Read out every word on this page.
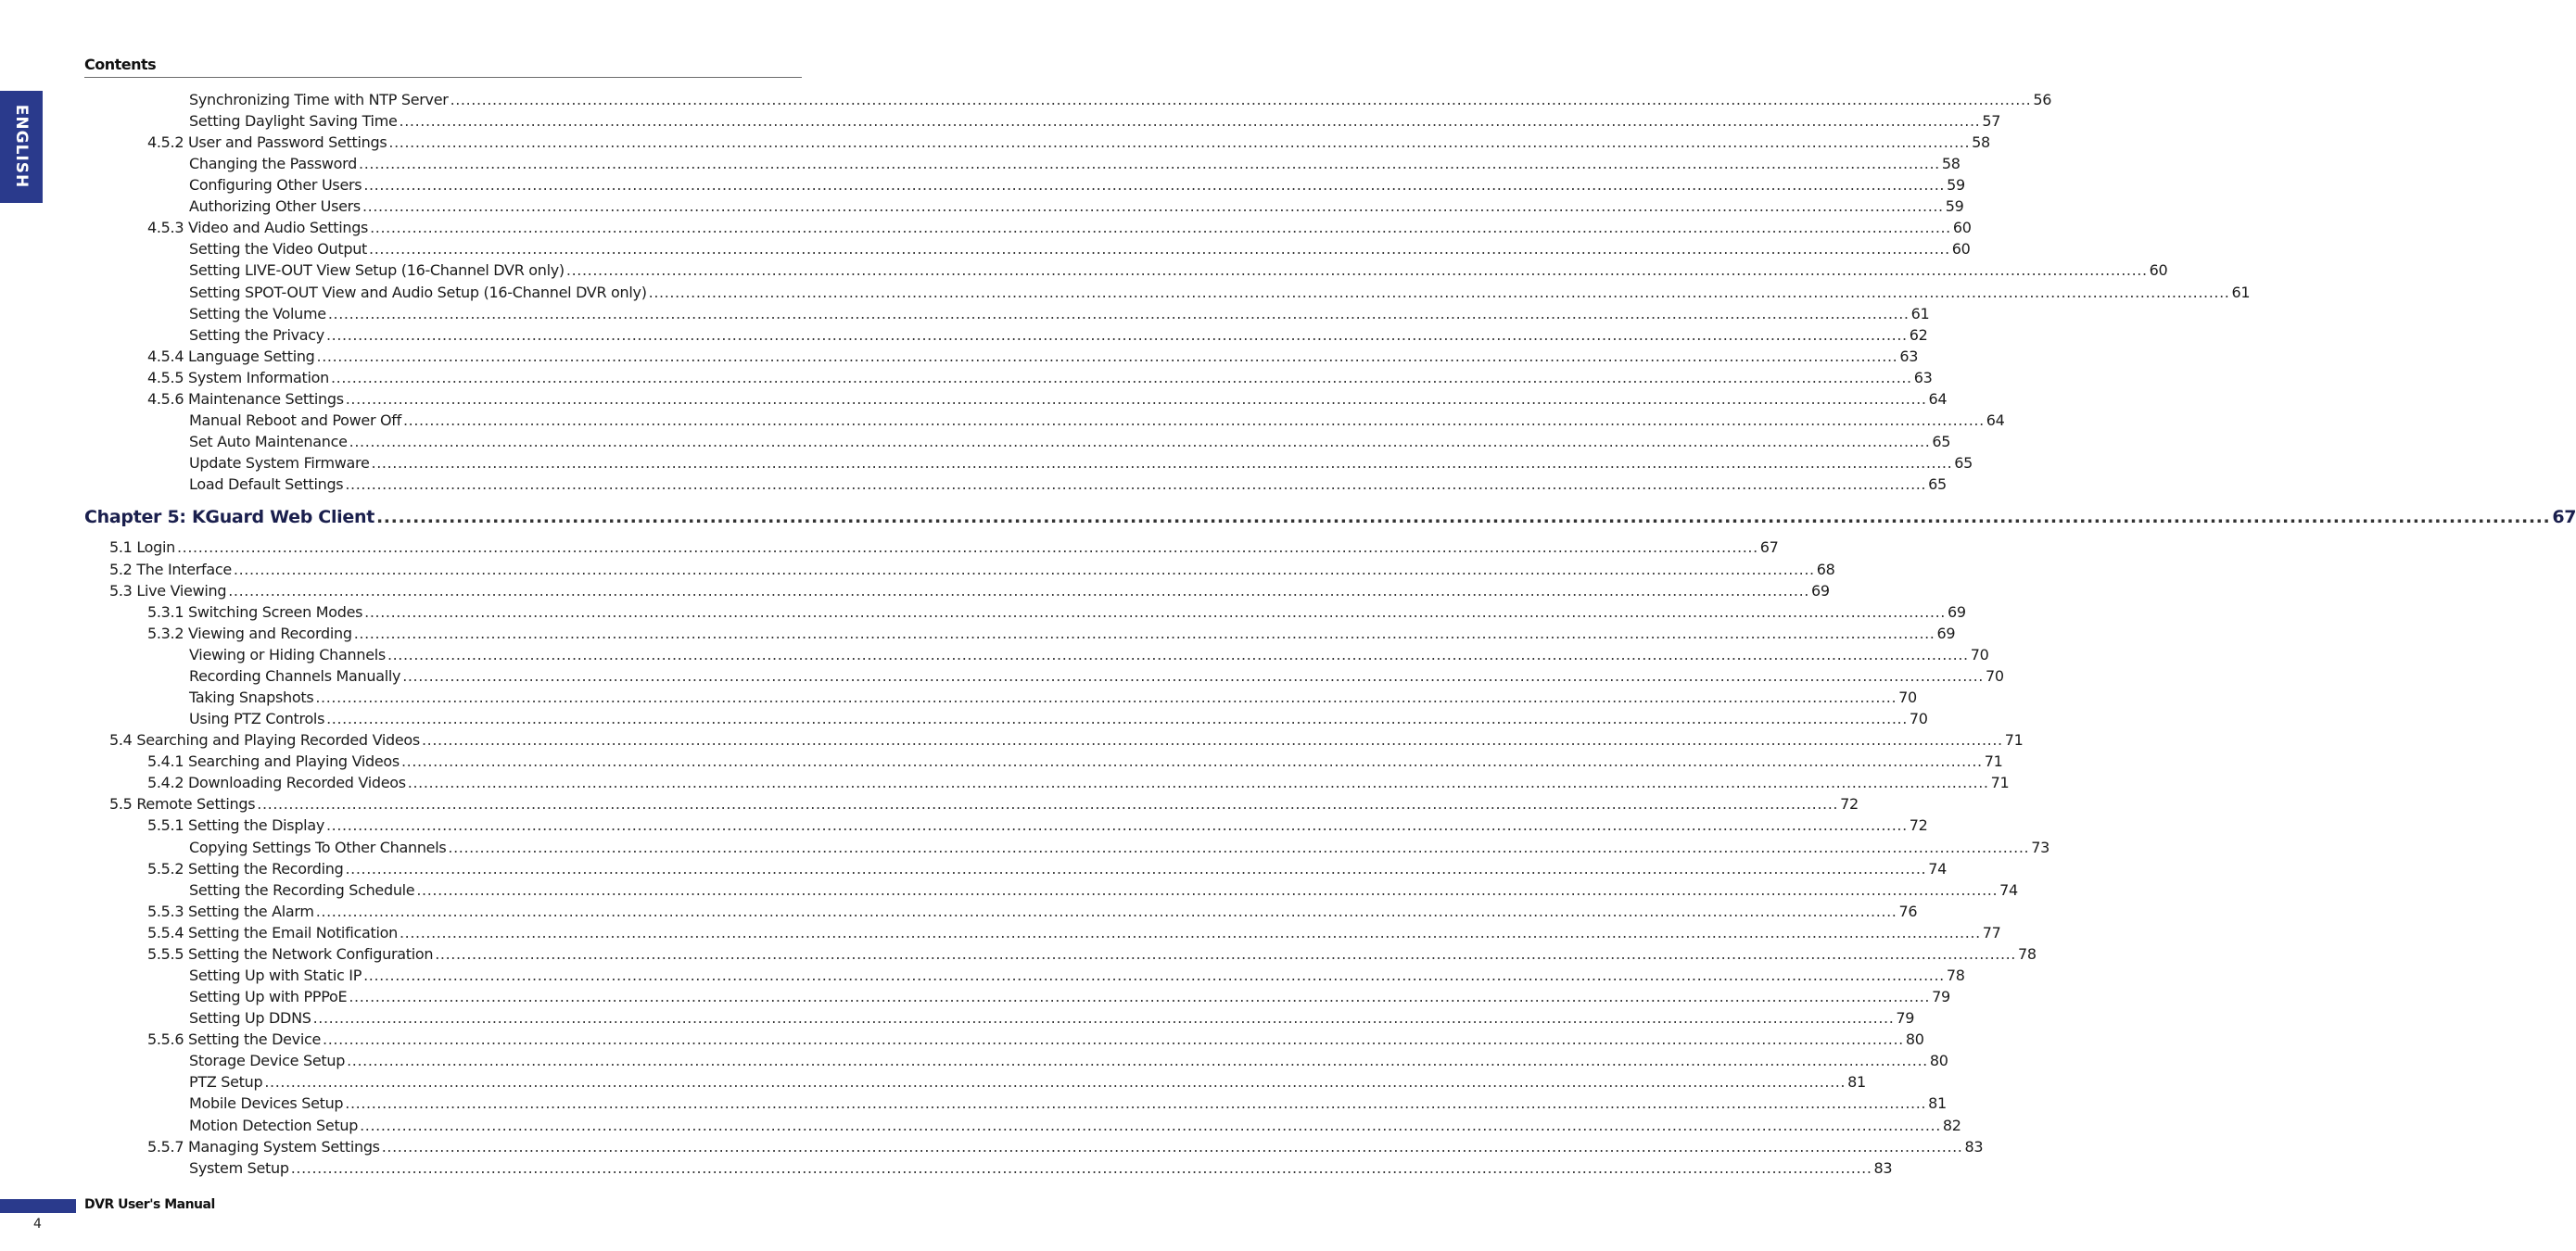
Contents
ENGLISH
Synchronizing Time with NTP Server ............................................................................................................................................................................................................................................................................................................ 56
Setting Daylight Saving Time ............................................................................................................................................................................................................................................................................................................ 57
4.5.2 User and Password Settings ............................................................................................................................................................................................................................................................................................................ 58
Changing the Password ............................................................................................................................................................................................................................................................................................................ 58
Configuring Other Users ............................................................................................................................................................................................................................................................................................................ 59
Authorizing Other Users ............................................................................................................................................................................................................................................................................................................ 59
4.5.3 Video and Audio Settings ............................................................................................................................................................................................................................................................................................................ 60
Setting the Video Output ............................................................................................................................................................................................................................................................................................................ 60
Setting LIVE-OUT View Setup (16-Channel DVR only) ............................................................................................................................................................................................................................................................................................................ 60
Setting SPOT-OUT View and Audio Setup (16-Channel DVR only) ............................................................................................................................................................................................................................................................................................................ 61
Setting the Volume ............................................................................................................................................................................................................................................................................................................ 61
Setting the Privacy ............................................................................................................................................................................................................................................................................................................ 62
4.5.4 Language Setting ............................................................................................................................................................................................................................................................................................................ 63
4.5.5 System Information ............................................................................................................................................................................................................................................................................................................ 63
4.5.6 Maintenance Settings ............................................................................................................................................................................................................................................................................................................ 64
Manual Reboot and Power Off ............................................................................................................................................................................................................................................................................................................ 64
Set Auto Maintenance ............................................................................................................................................................................................................................................................................................................ 65
Update System Firmware ............................................................................................................................................................................................................................................................................................................ 65
Load Default Settings ............................................................................................................................................................................................................................................................................................................ 65
Chapter 5: KGuard Web Client ............................................................................................................................................................................................................................................................................................................ 67
5.1 Login ............................................................................................................................................................................................................................................................................................................ 67
5.2 The Interface ............................................................................................................................................................................................................................................................................................................ 68
5.3 Live Viewing ............................................................................................................................................................................................................................................................................................................ 69
5.3.1 Switching Screen Modes ............................................................................................................................................................................................................................................................................................................ 69
5.3.2 Viewing and Recording ............................................................................................................................................................................................................................................................................................................ 69
Viewing or Hiding Channels ............................................................................................................................................................................................................................................................................................................ 70
Recording Channels Manually ............................................................................................................................................................................................................................................................................................................ 70
Taking Snapshots ............................................................................................................................................................................................................................................................................................................ 70
Using PTZ Controls ............................................................................................................................................................................................................................................................................................................ 70
5.4 Searching and Playing Recorded Videos ............................................................................................................................................................................................................................................................................................................ 71
5.4.1 Searching and Playing Videos ............................................................................................................................................................................................................................................................................................................ 71
5.4.2 Downloading Recorded Videos ............................................................................................................................................................................................................................................................................................................ 71
5.5 Remote Settings ............................................................................................................................................................................................................................................................................................................ 72
5.5.1 Setting the Display ............................................................................................................................................................................................................................................................................................................ 72
Copying Settings To Other Channels ............................................................................................................................................................................................................................................................................................................ 73
5.5.2 Setting the Recording ............................................................................................................................................................................................................................................................................................................ 74
Setting the Recording Schedule ............................................................................................................................................................................................................................................................................................................ 74
5.5.3 Setting the Alarm ............................................................................................................................................................................................................................................................................................................ 76
5.5.4 Setting the Email Notification ............................................................................................................................................................................................................................................................................................................ 77
5.5.5 Setting the Network Configuration ............................................................................................................................................................................................................................................................................................................ 78
Setting Up with Static IP ............................................................................................................................................................................................................................................................................................................ 78
Setting Up with PPPoE ............................................................................................................................................................................................................................................................................................................ 79
Setting Up DDNS ............................................................................................................................................................................................................................................................................................................ 79
5.5.6 Setting the Device ............................................................................................................................................................................................................................................................................................................ 80
Storage Device Setup ............................................................................................................................................................................................................................................................................................................ 80
PTZ Setup ............................................................................................................................................................................................................................................................................................................ 81
Mobile Devices Setup ............................................................................................................................................................................................................................................................................................................ 81
Motion Detection Setup ............................................................................................................................................................................................................................................................................................................ 82
5.5.7 Managing System Settings ............................................................................................................................................................................................................................................................................................................ 83
System Setup ............................................................................................................................................................................................................................................................................................................ 83
DVR User's Manual
4
